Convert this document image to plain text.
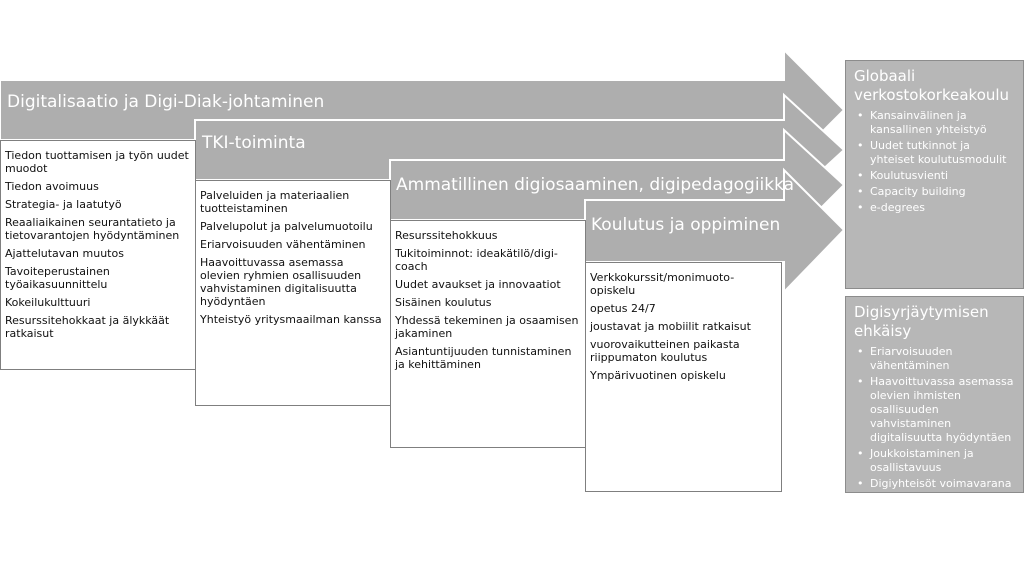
Digitalisaatio ja Digi-Diak-johtaminen
TKI-toiminta
Ammatillinen digiosaaminen, digipedagogiikka
Koulutus ja oppiminen
Tiedon tuottamisen ja työn uudet muodot
Tiedon avoimuus
Strategia- ja laatutyö
Reaaliaikainen seurantatieto ja tietovarantojen hyödyntäminen
Ajattelutavan muutos
Tavoiteperustainen työaikasuunnittelu
Kokeilukulttuuri
Resurssitehokkaat ja älykkäät ratkaisut
Palveluiden ja materiaalien tuotteistaminen
Palvelupolut ja palvelumuotoilu
Eriarvoisuuden vähentäminen
Haavoittuvassa asemassa olevien ryhmien osallisuuden vahvistaminen digitalisuutta hyödyntäen
Yhteistyö yritysmaailman kanssa
Resurssitehokkuus
Tukitoiminnot: ideakätilö/digi-coach
Uudet avaukset ja innovaatiot
Sisäinen koulutus
Yhdessä tekeminen ja osaamisen jakaminen
Asiantuntijuuden tunnistaminen ja kehittäminen
Verkkokurssit/monimuoto-opiskelu
opetus 24/7
joustavat ja mobiilit ratkaisut
vuorovaikutteinen paikasta riippumaton koulutus
Ympärivuotinen opiskelu
Globaali verkostokorkeakoulu
• Kansainvälinen ja kansallinen yhteistyö
• Uudet tutkinnot ja yhteiset koulutusmodulit
• Koulutusvienti
• Capacity building
• e-degrees
Digisyrjäytymisen ehkäisy
• Eriarvoisuuden vähentäminen
• Haavoittuvassa asemassa olevien ihmisten osallisuuden vahvistaminen digitalisuutta hyödyntäen
• Joukkoistaminen ja osallistavuus
• Digiyhteisöt voimavarana
